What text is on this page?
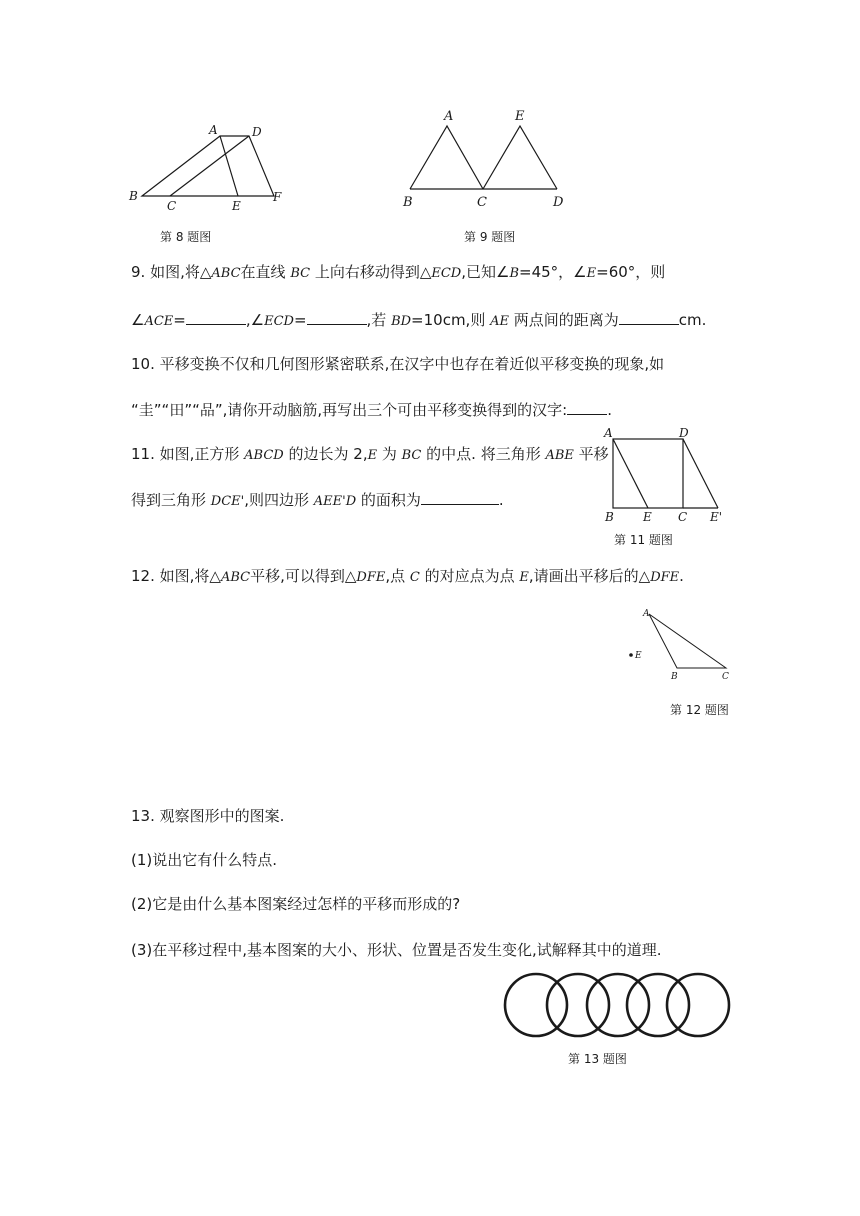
A	D
B
C	E
F
第 8 题图
A	E
B	C	D
第 9 题图
9. 如图,将△ABC在直线 BC 上向右移动得到△ECD,已知∠B=45°，∠E=60°，则
∠ACE=	,∠ECD=	,若 BD=10cm,则 AE 两点间的距离为	cm.
10. 平移变换不仅和几何图形紧密联系,在汉字中也存在着近似平移变换的现象,如
“圭”“田”“品”,请你开动脑筋,再写出三个可由平移变换得到的汉字:	.
A	D
B E C E'
第 11 题图
11. 如图,正方形 ABCD 的边长为 2,E 为 BC 的中点. 将三角形 ABE 平移
得到三角形 DCE',则四边形 AEE'D 的面积为	.
12. 如图,将△ABC平移,可以得到△DFE,点 C 的对应点为点 E,请画出平移后的△DFE.
A
B	C
E
第 12 题图
13. 观察图形中的图案.
(1)说出它有什么特点.
(2)它是由什么基本图案经过怎样的平移而形成的?
(3)在平移过程中,基本图案的大小、形状、位置是否发生变化,试解释其中的道理.
第 13 题图
